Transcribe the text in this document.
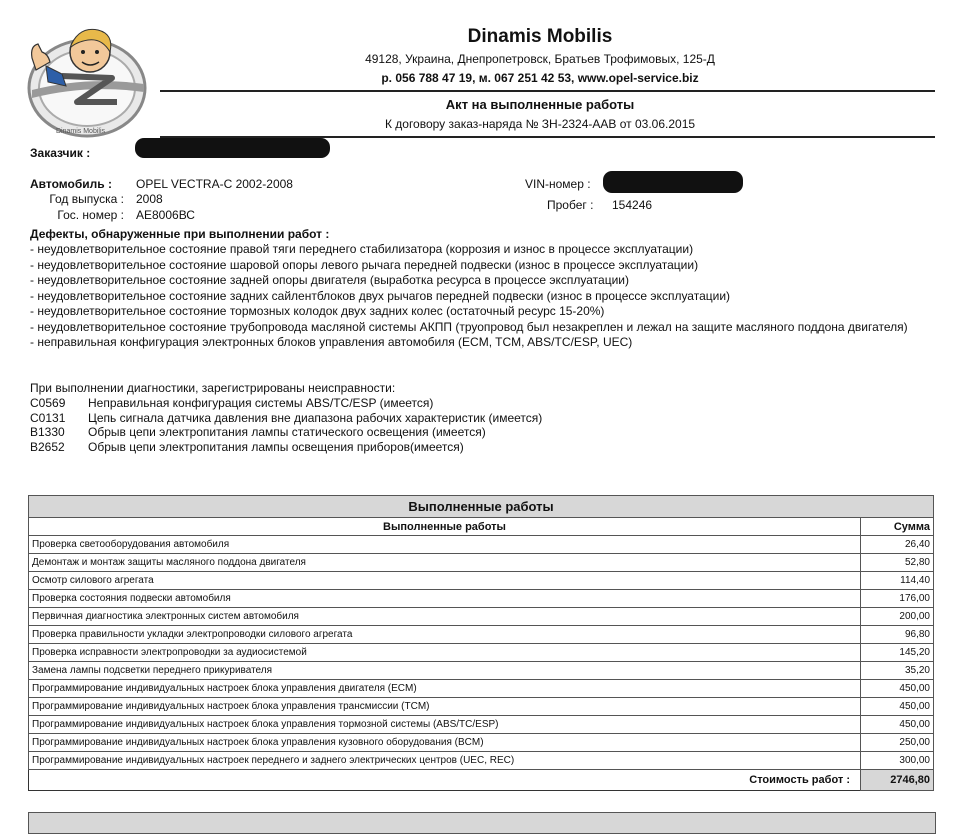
Dinamis Mobilis
Dinamis Mobilis
49128, Украина, Днепропетровск, Братьев Трофимовых, 125-Д
р. 056 788 47 19, м. 067 251 42 53, www.opel-service.biz
Акт на выполненные работы
К договору заказ-наряда № ЗН-2324-ААВ от 03.06.2015
Заказчик :
Автомобиль : OPEL VECTRA-C 2002-2008
Год выпуска : 2008
Гос. номер : АЕ8006ВС
VIN-номер :
Пробег : 154246
Дефекты, обнаруженные при выполнении работ :

- неудовлетворительное состояние правой тяги переднего стабилизатора (коррозия и износ в процессе эксплуатации)

- неудовлетворительное состояние шаровой опоры левого рычага передней подвески (износ в процессе эксплуатации)

- неудовлетворительное состояние задней опоры двигателя (выработка ресурса в процессе эксплуатации)

- неудовлетворительное состояние задних сайлентблоков двух рычагов передней подвески (износ в процессе эксплуатации)

- неудовлетворительное состояние тормозных колодок двух задних колес (остаточный ресурс 15-20%)

- неудовлетворительное состояние трубопровода масляной системы АКПП (труопровод был незакреплен и лежал на защите масляного поддона двигателя)

- неправильная конфигурация электронных блоков управления автомобиля (ECM, TCM, ABS/TC/ESP, UEC)

При выполнении диагностики, зарегистрированы неисправности:
C0569	Неправильная конфигурация системы ABS/TC/ESP (имеется)
C0131	Цепь сигнала датчика давления вне диапазона рабочих характеристик (имеется)
B1330	Обрыв цепи электропитания лампы статического освещения (имеется)
B2652	Обрыв цепи электропитания лампы освещения приборов(имеется)
Выполненные работы	
Выполненные работы	Сумма
Проверка светооборудования автомобиля	26,40
Демонтаж и монтаж защиты масляного поддона двигателя	52,80
Осмотр силового агрегата	114,40
Проверка состояния подвески автомобиля	176,00
Первичная диагностика электронных систем автомобиля	200,00
Проверка правильности укладки электропроводки силового агрегата	96,80
Проверка исправности электропроводки за аудиосистемой	145,20
Замена лампы подсветки переднего прикуривателя	35,20
Программирование индивидуальных настроек блока управления двигателя (ECM)	450,00
Программирование индивидуальных настроек блока управления трансмиссии (TCM)	450,00
Программирование индивидуальных настроек блока управления тормозной системы (ABS/TC/ESP)	450,00
Программирование индивидуальных настроек блока управления кузовного оборудования (BCM)	250,00
Программирование индивидуальных настроек переднего и заднего электрических центров (UEC, REC)	300,00
Стоимость работ :	2746,80
